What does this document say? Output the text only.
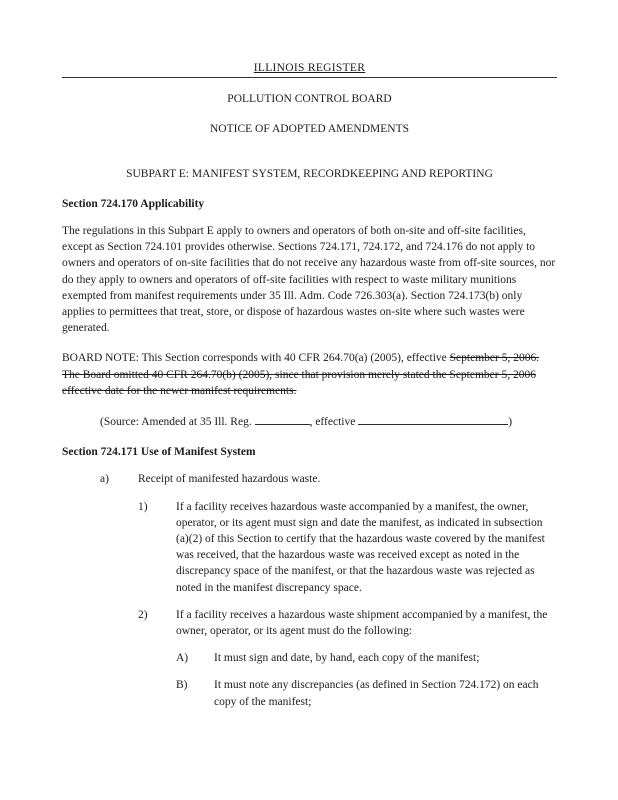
ILLINOIS REGISTER

POLLUTION CONTROL BOARD

NOTICE OF ADOPTED AMENDMENTS

SUBPART E: MANIFEST SYSTEM, RECORDKEEPING AND REPORTING

Section 724.170 Applicability

The regulations in this Subpart E apply to owners and operators of both on-site and off-site facilities, except as Section 724.101 provides otherwise. Sections 724.171, 724.172, and 724.176 do not apply to owners and operators of on-site facilities that do not receive any hazardous waste from off-site sources, nor do they apply to owners and operators of off-site facilities with respect to waste military munitions exempted from manifest requirements under 35 Ill. Adm. Code 726.303(a). Section 724.173(b) only applies to permittees that treat, store, or dispose of hazardous wastes on-site where such wastes were generated.

BOARD NOTE: This Section corresponds with 40 CFR 264.70(a) (2005), effective September 5, 2006. The Board omitted 40 CFR 264.70(b) (2005), since that provision merely stated the September 5, 2006 effective date for the newer manifest requirements.

(Source: Amended at 35 Ill. Reg.	, effective	)

Section 724.171 Use of Manifest System

a)	Receipt of manifested hazardous waste.
1)	If a facility receives hazardous waste accompanied by a manifest, the owner, operator, or its agent must sign and date the manifest, as indicated in subsection (a)(2) of this Section to certify that the hazardous waste covered by the manifest was received, that the hazardous waste was received except as noted in the discrepancy space of the manifest, or that the hazardous waste was rejected as noted in the manifest discrepancy space.
2)	If a facility receives a hazardous waste shipment accompanied by a manifest, the owner, operator, or its agent must do the following:
A)	It must sign and date, by hand, each copy of the manifest;
B)	It must note any discrepancies (as defined in Section 724.172) on each copy of the manifest;
